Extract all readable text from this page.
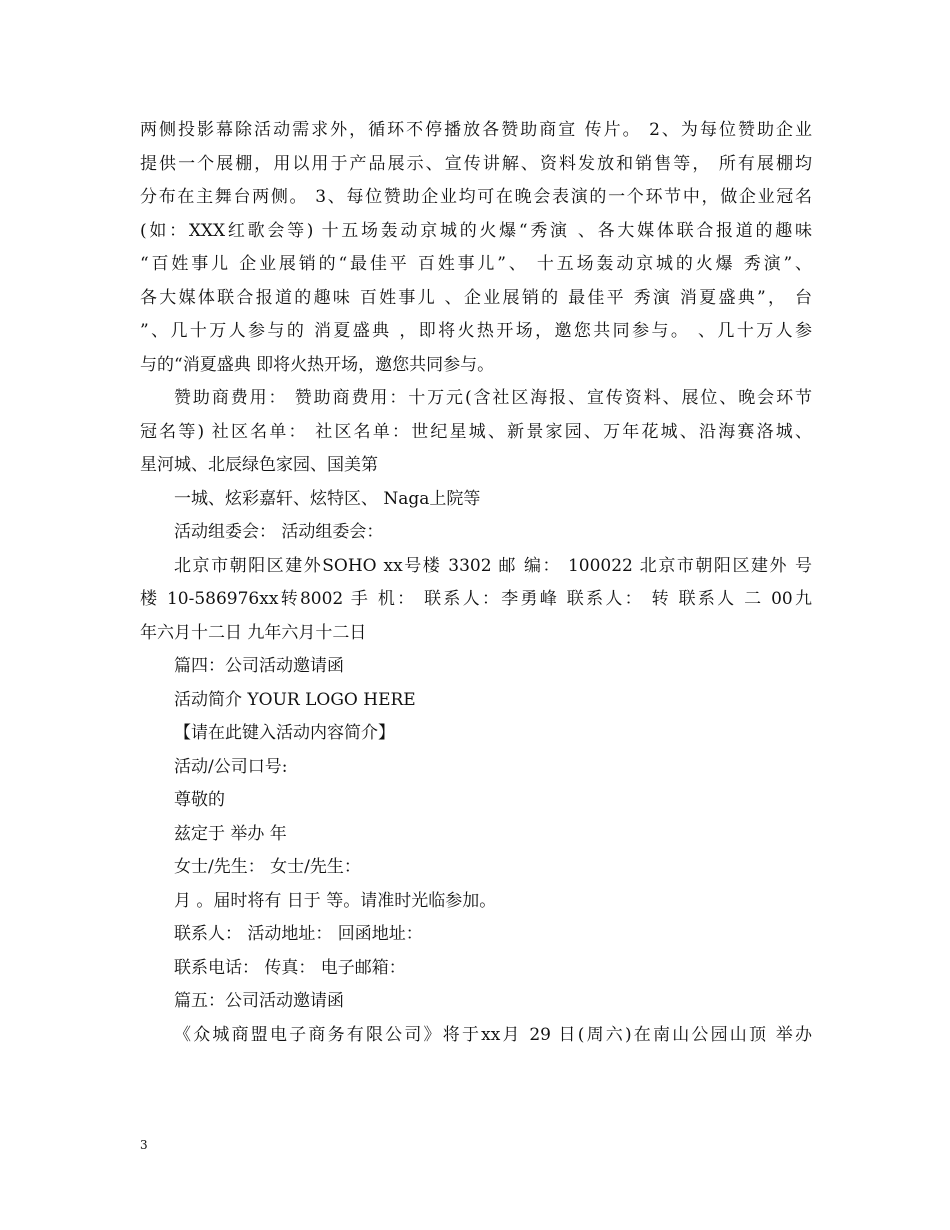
两侧投影幕除活动需求外，循环不停播放各赞助商宣 传片。 2、为每位赞助企业
提供一个展棚，用以用于产品展示、宣传讲解、资料发放和销售等， 所有展棚均
分布在主舞台两侧。 3、每位赞助企业均可在晚会表演的一个环节中，做企业冠名
(如：XXX红歌会等) 十五场轰动京城的火爆“秀演 、各大媒体联合报道的趣味
“百姓事儿 企业展销的“最佳平 百姓事儿”、 十五场轰动京城的火爆 秀演”、
各大媒体联合报道的趣味 百姓事儿 、企业展销的 最佳平 秀演 消夏盛典”， 台
”、几十万人参与的 消夏盛典 ，即将火热开场，邀您共同参与。 、几十万人参
与的“消夏盛典 即将火热开场，邀您共同参与。
赞助商费用： 赞助商费用：十万元(含社区海报、宣传资料、展位、晚会环节
冠名等) 社区名单： 社区名单：世纪星城、新景家园、万年花城、沿海赛洛城、
星河城、北辰绿色家园、国美第
一城、炫彩嘉轩、炫特区、 Naga上院等
活动组委会： 活动组委会：
北京市朝阳区建外SOHO xx号楼 3302 邮 编： 100022 北京市朝阳区建外 号
楼 10-586976xx转8002 手 机： 联系人：李勇峰 联系人： 转 联系人 二 00九
年六月十二日 九年六月十二日
篇四：公司活动邀请函
活动简介 YOUR LOGO HERE
【请在此键入活动内容简介】
活动/公司口号:
尊敬的
兹定于 举办 年
女士/先生： 女士/先生：
月 。届时将有 日于 等。请准时光临参加。
联系人： 活动地址： 回函地址：
联系电话： 传真： 电子邮箱：
篇五：公司活动邀请函
《众城商盟电子商务有限公司》将于xx月 29 日(周六)在南山公园山顶 举办
3
